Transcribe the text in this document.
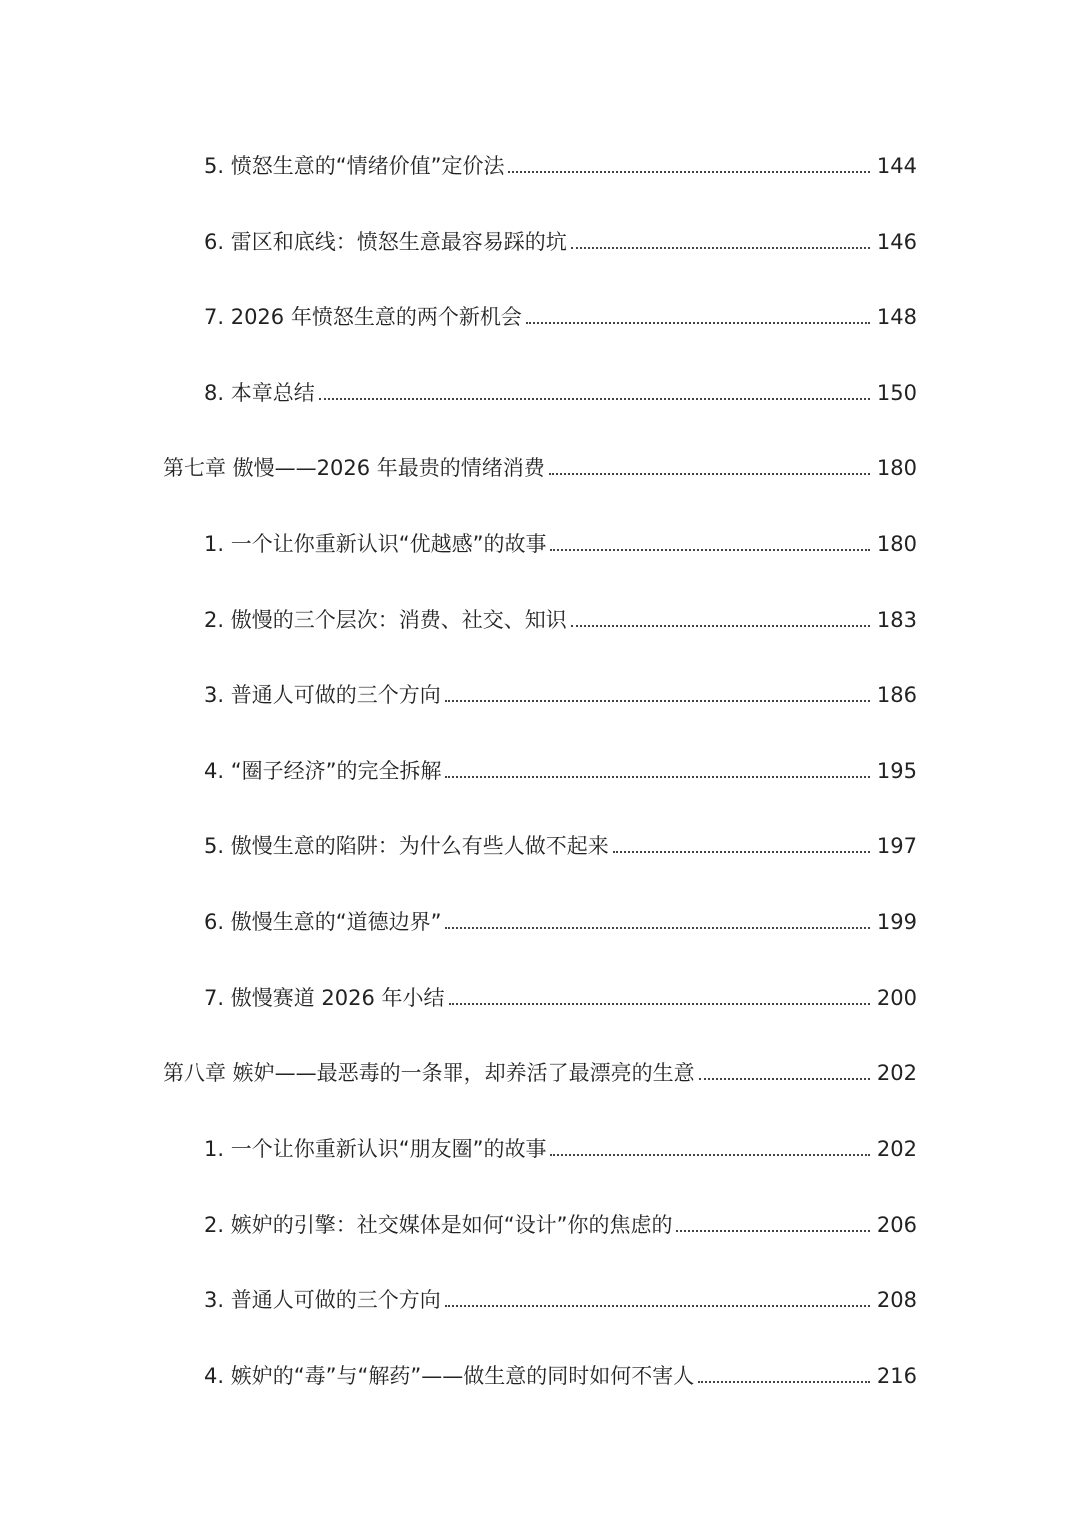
5. 愤怒生意的“情绪价值”定价法	144
6. 雷区和底线：愤怒生意最容易踩的坑	146
7. 2026 年愤怒生意的两个新机会	148
8. 本章总结	150
第七章 傲慢——2026 年最贵的情绪消费	180
1. 一个让你重新认识“优越感”的故事	180
2. 傲慢的三个层次：消费、社交、知识	183
3. 普通人可做的三个方向	186
4. “圈子经济”的完全拆解	195
5. 傲慢生意的陷阱：为什么有些人做不起来	197
6. 傲慢生意的“道德边界”	199
7. 傲慢赛道 2026 年小结	200
第八章 嫉妒——最恶毒的一条罪，却养活了最漂亮的生意	202
1. 一个让你重新认识“朋友圈”的故事	202
2. 嫉妒的引擎：社交媒体是如何“设计”你的焦虑的	206
3. 普通人可做的三个方向	208
4. 嫉妒的“毒”与“解药”——做生意的同时如何不害人	216
